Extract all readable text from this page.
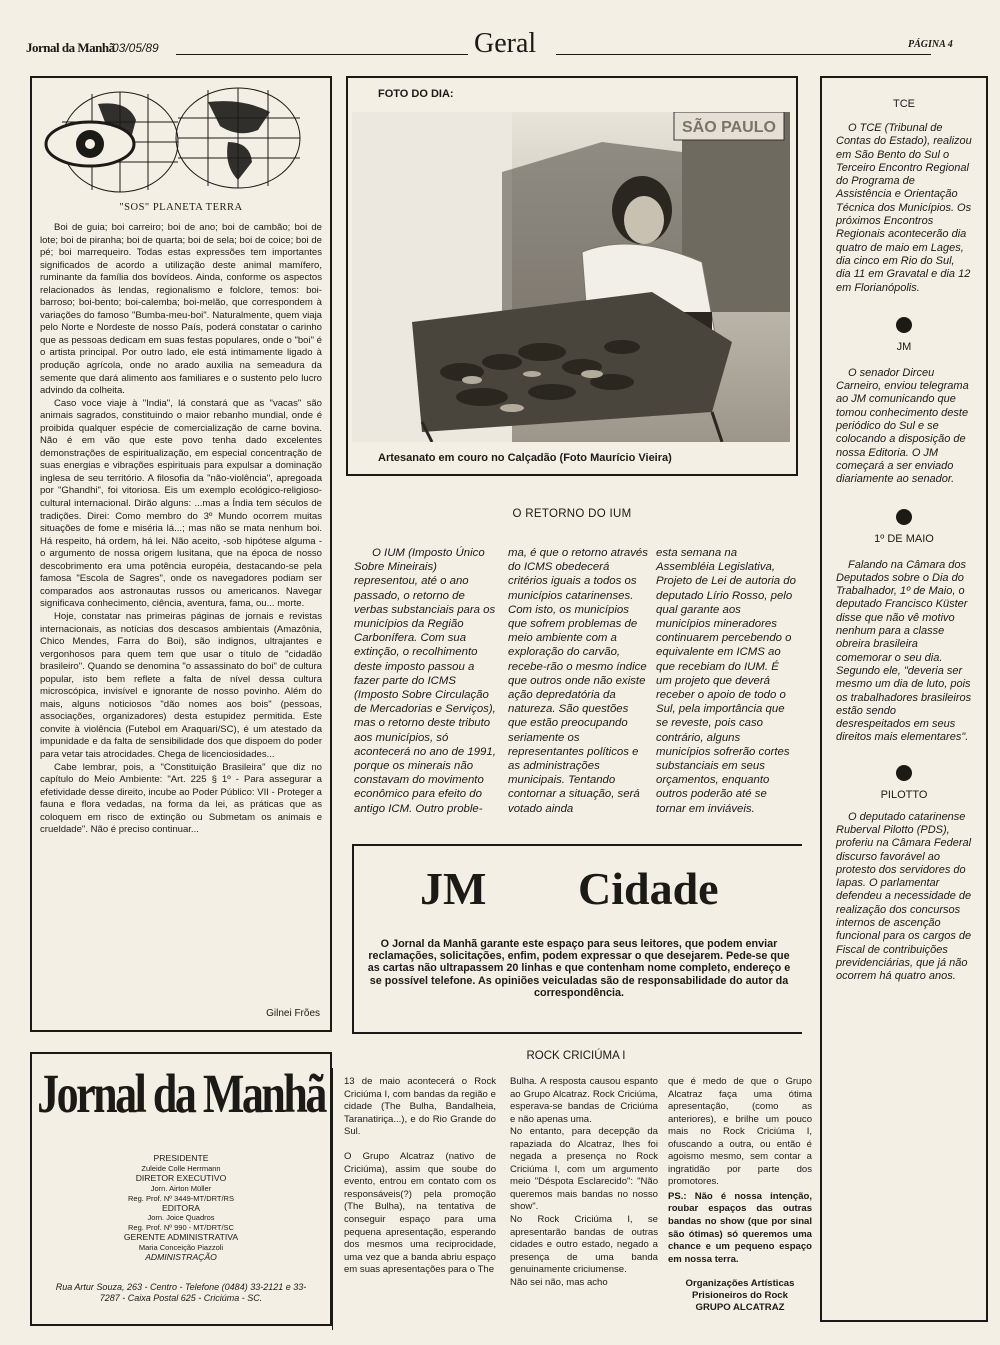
Jornal da Manhã
03/05/89	Geral	PÁGINA 4
"SOS" PLANETA TERRA

Boi de guia; boi carreiro; boi de ano; boi de cambão; boi de lote; boi de piranha; boi de quarta; boi de sela; boi de coice; boi de pé; boi marrequeiro. Todas estas expressões tem importantes significados de acordo a utilização deste animal mamífero, ruminante da família dos bovídeos. Ainda, conforme os aspectos relacionados às lendas, regionalismo e folclore, temos: boi-barroso; boi-bento; boi-calemba; boi-melão, que correspondem à variações do famoso "Bumba-meu-boi". Naturalmente, quem viaja pelo Norte e Nordeste de nosso País, poderá constatar o carinho que as pessoas dedicam em suas festas populares, onde o "boi" é o artista principal. Por outro lado, ele está intimamente ligado à produção agrícola, onde no arado auxilia na semeadura da semente que dará alimento aos familiares e o sustento pelo lucro advindo da colheita.

Caso voce viaje à "India", lá constará que as "vacas" são animais sagrados, constituindo o maior rebanho mundial, onde é proibida qualquer espécie de comercialização de carne bovina. Não é em vão que este povo tenha dado excelentes demonstrações de espiritualização, em especial concentração de suas energias e vibrações espirituais para expulsar a dominação inglesa de seu território. A filosofia da "não-violência", apregoada por "Ghandhi", foi vitoriosa. Eis um exemplo ecológico-religioso-cultural internacional. Dirão alguns: ...mas a Índia tem séculos de tradições. Direi: Como membro do 3º Mundo ocorrem muitas situações de fome e miséria lá...; mas não se mata nenhum boi. Há respeito, há ordem, há lei. Não aceito, -sob hipótese alguma - o argumento de nossa origem lusitana, que na época de nosso descobrimento era uma potência européia, destacando-se pela famosa "Escola de Sagres", onde os navegadores podiam ser comparados aos astronautas russos ou americanos. Navegar significava conhecimento, ciência, aventura, fama, ou... morte.

Hoje, constatar nas primeiras páginas de jornais e revistas internacionais, as notícias dos descasos ambientais (Amazônia, Chico Mendes, Farra do Boi), são indignos, ultrajantes e vergonhosos para quem tem que usar o título de "cidadão brasileiro". Quando se denomina "o assassinato do boi" de cultura popular, isto bem reflete a falta de nível dessa cultura microscópica, invisível e ignorante de nosso povinho. Além do mais, alguns noticiosos "dão nomes aos bois" (pessoas, associações, organizadores) desta estupidez permitida. Este convite à violência (Futebol em Araquari/SC), é um atestado da impunidade e da falta de sensibilidade dos que dispoem do poder para vetar tais atrocidades. Chega de licenciosidades...

Cabe lembrar, pois, a "Constituição Brasileira" que diz no capítulo do Meio Ambiente: "Art. 225 § 1º - Para assegurar a efetividade desse direito, incube ao Poder Público: VII - Proteger a fauna e flora vedadas, na forma da lei, as práticas que as coloquem em risco de extinção ou Submetam os animais e crueldade". Não é preciso continuar...

Gilnei Frões
FOTO DO DIA:
SÃO PAULO
Artesanato em couro no Calçadão (Foto Maurício Vieira)
O RETORNO DO IUM

O IUM (Imposto Único Sobre Mineirais) representou, até o ano passado, o retorno de verbas substanciais para os municípios da Região Carbonífera. Com sua extinção, o recolhimento deste imposto passou a fazer parte do ICMS (Imposto Sobre Circulação de Mercadorias e Serviços), mas o retorno deste tributo aos municípios, só acontecerá no ano de 1991, porque os minerais não constavam do movimento econômico para efeito do antigo ICM. Outro proble-

ma, é que o retorno através do ICMS obedecerá critérios iguais a todos os municípios catarinenses. Com isto, os municípios que sofrem problemas de meio ambiente com a exploração do carvão, recebe-rão o mesmo índice que outros onde não existe ação depredatória da natureza. São questões que estão preocupando seriamente os representantes políticos e as administrações municipais. Tentando contornar a situação, será votado ainda

esta semana na Assembléia Legislativa, Projeto de Lei de autoria do deputado Lírio Rosso, pelo qual garante aos municípios mineradores continuarem percebendo o equivalente em ICMS ao que recebiam do IUM. É um projeto que deverá receber o apoio de todo o Sul, pela importância que se reveste, pois caso contrário, alguns municípios sofrerão cortes substanciais em seus orçamentos, enquanto outros poderão até se tornar em inviáveis.

JM Cidade
O Jornal da Manhã garante este espaço para seus leitores, que podem enviar reclamações, solicitações, enfim, podem expressar o que desejarem. Pede-se que as cartas não ultrapassem 20 linhas e que contenham nome completo, endereço e se possível telefone. As opiniões veiculadas são de responsabilidade do autor da correspondência.
ROCK CRICIÚMA I
13 de maio acontecerá o Rock Criciúma I, com bandas da região e cidade (The Bulha, Bandalheia, Taranatiriça...), e do Rio Grande do Sul.

O Grupo Alcatraz (nativo de Criciúma), assim que soube do evento, entrou em contato com os responsáveis(?) pela promoção (The Bulha), na tentativa de conseguir espaço para uma pequena apresentação, esperando dos mesmos uma reciprocidade, uma vez que a banda abriu espaço em suas apresentações para o The
Bulha. A resposta causou espanto ao Grupo Alcatraz. Rock Criciúma, esperava-se bandas de Criciúma e não apenas uma.
No entanto, para decepção da rapaziada do Alcatraz, lhes foi negada a presença no Rock Criciúma I, com um argumento meio "Déspota Esclarecido": "Não queremos mais bandas no nosso show".
No Rock Criciúma I, se apresentarão bandas de outras cidades e outro estado, negado a presença de uma banda genuinamente criciumense.
Não sei não, mas acho
que é medo de que o Grupo Alcatraz faça uma ótima apresentação, (como as anteriores), e brilhe um pouco mais no Rock Criciúma I, ofuscando a outra, ou então é agoismo mesmo, sem contar a ingratidão por parte dos promotores.
PS.: Não é nossa intenção, roubar espaços das outras bandas no show (que por sinal são ótimas) só queremos uma chance e um pequeno espaço em nossa terra.
Organizações Artísticas
Prisioneiros do Rock
GRUPO ALCATRAZ
Jornal da Manhã
PRESIDENTE
Zuleide Colle Herrmann
DIRETOR EXECUTIVO
Jorn. Airton Müller
Reg. Prof. Nº 3449-MT/DRT/RS
EDITORA
Jorn. Joice Quadros
Reg. Prof. Nº 990 - MT/DRT/SC
GERENTE ADMINISTRATIVA
Maria Conceição Piazzoli
ADMINISTRAÇÃO
Rua Artur Souza, 263 - Centro - Telefone (0484) 33-2121 e 33-7287 - Caixa Postal 625 - Criciúma - SC.
TCE
O TCE (Tribunal de Contas do Estado), realizou em São Bento do Sul o Terceiro Encontro Regional do Programa de Assistência e Orientação Técnica dos Municípios. Os próximos Encontros Regionais acontecerão dia quatro de maio em Lages, dia cinco em Rio do Sul, dia 11 em Gravatal e dia 12 em Florianópolis.
JM
O senador Dirceu Carneiro, enviou telegrama ao JM comunicando que tomou conhecimento deste periódico do Sul e se colocando a disposição de nossa Editoria. O JM começará a ser enviado diariamente ao senador.
1º DE MAIO
Falando na Câmara dos Deputados sobre o Dia do Trabalhador, 1º de Maio, o deputado Francisco Küster disse que não vê motivo nenhum para a classe obreira brasileira comemorar o seu dia. Segundo ele, "deveria ser mesmo um dia de luto, pois os trabalhadores brasileiros estão sendo desrespeitados em seus direitos mais elementares".
PILOTTO
O deputado catarinense Ruberval Pilotto (PDS), proferiu na Câmara Federal discurso favorável ao protesto dos servidores do Iapas. O parlamentar defendeu a necessidade de realização dos concursos internos de ascenção funcional para os cargos de Fiscal de contribuições previdenciárias, que já não ocorrem há quatro anos.
